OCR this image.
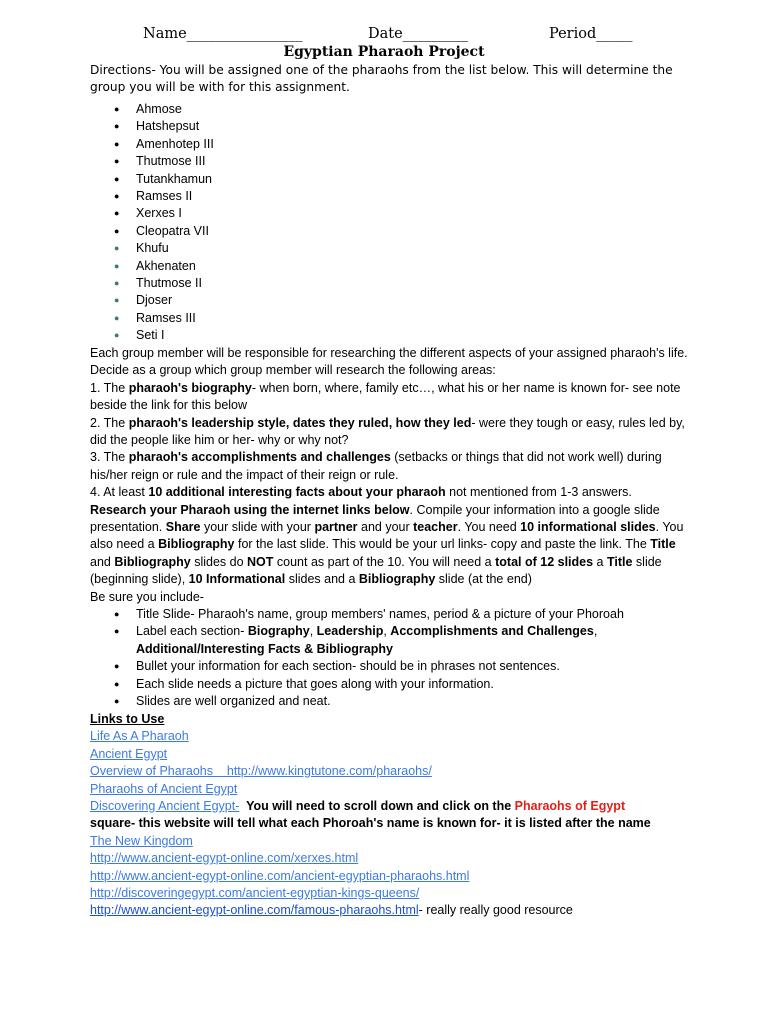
Name________________	Date_________	Period_____
Egyptian Pharaoh Project
Directions- You will be assigned one of the pharaohs from the list below. This will determine the group you will be with for this assignment.
● Ahmose
● Hatshepsut
● Amenhotep III
● Thutmose III
● Tutankhamun
● Ramses II
● Xerxes I
● Cleopatra VII
● Khufu
● Akhenaten
● Thutmose II
● Djoser
● Ramses III
● Seti I

Each group member will be responsible for researching the different aspects of your assigned pharaoh's life. Decide as a group which group member will research the following areas:

1. The pharaoh's biography- when born, where, family etc…, what his or her name is known for- see note beside the link for this below

2. The pharaoh's leadership style, dates they ruled, how they led- were they tough or easy, rules led by, did the people like him or her- why or why not?

3. The pharaoh's accomplishments and challenges (setbacks or things that did not work well) during his/her reign or rule and the impact of their reign or rule.

4. At least 10 additional interesting facts about your pharaoh not mentioned from 1-3 answers.

Research your Pharaoh using the internet links below. Compile your information into a google slide presentation. Share your slide with your partner and your teacher. You need 10 informational slides. You also need a Bibliography for the last slide. This would be your url links- copy and paste the link. The Title and Bibliography slides do NOT count as part of the 10. You will need a total of 12 slides a Title slide (beginning slide), 10 Informational slides and a Bibliography slide (at the end)

Be sure you include-

● Title Slide- Pharaoh's name, group members' names, period & a picture of your Phoroah
● Label each section- Biography, Leadership, Accomplishments and Challenges, Additional/Interesting Facts & Bibliography
● Bullet your information for each section- should be in phrases not sentences.
● Each slide needs a picture that goes along with your information.
● Slides are well organized and neat.

Links to Use

Life As A Pharaoh

Ancient Egypt

Overview of Pharaohs    http://www.kingtutone.com/pharaohs/

Pharaohs of Ancient Egypt

Discovering Ancient Egypt-  You will need to scroll down and click on the Pharaohs of Egypt

square- this website will tell what each Phoroah's name is known for- it is listed after the name

The New Kingdom

http://www.ancient-egypt-online.com/xerxes.html

http://www.ancient-egypt-online.com/ancient-egyptian-pharaohs.html

http://discoveringegypt.com/ancient-egyptian-kings-queens/

http://www.ancient-egypt-online.com/famous-pharaohs.html- really really good resource
